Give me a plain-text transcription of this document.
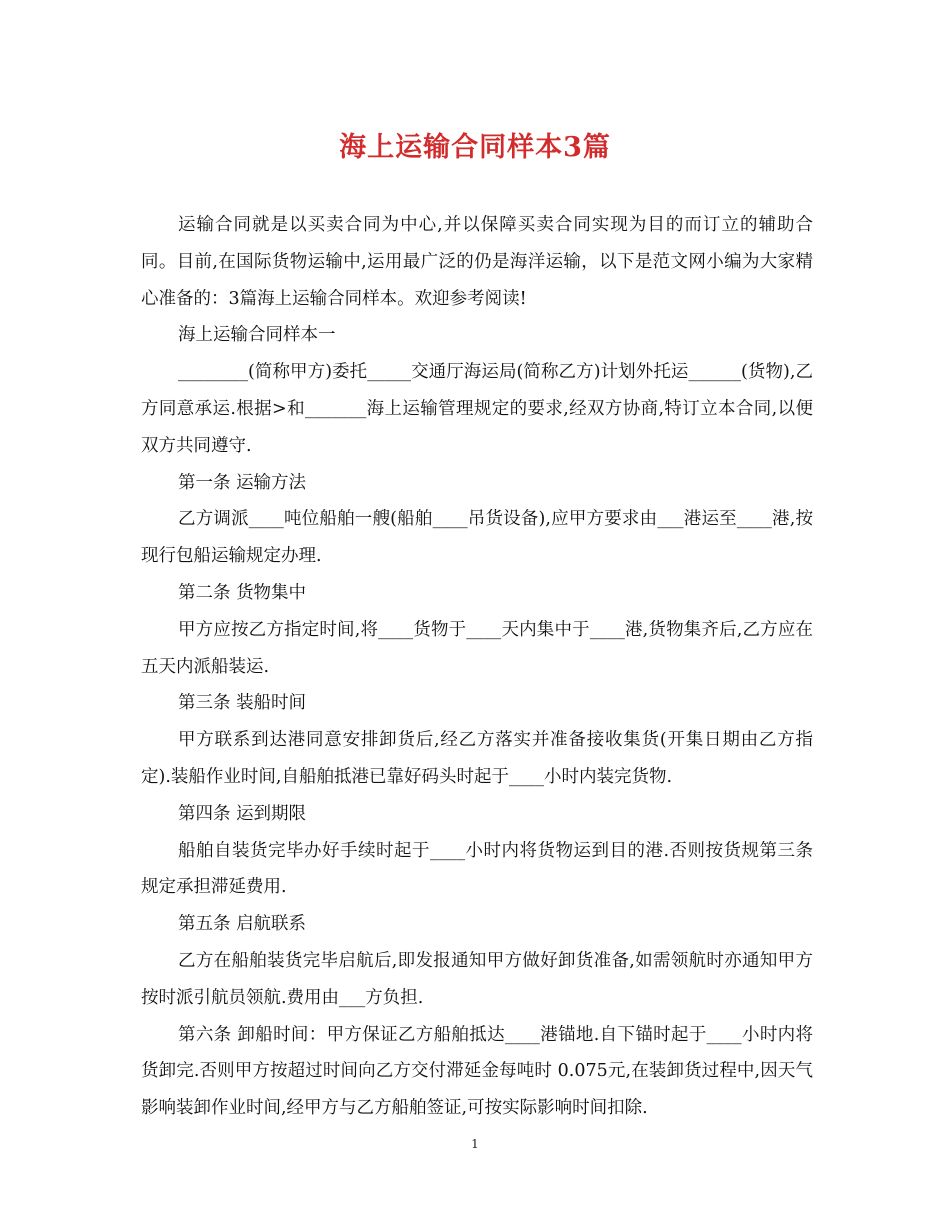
海上运输合同样本3篇

运输合同就是以买卖合同为中心,并以保障买卖合同实现为目的而订立的辅助合同。目前,在国际货物运输中,运用最广泛的仍是海洋运输，以下是范文网小编为大家精心准备的：3篇海上运输合同样本。欢迎参考阅读!

海上运输合同样本一

________(简称甲方)委托_____交通厅海运局(简称乙方)计划外托运______(货物),乙方同意承运.根据>和_______海上运输管理规定的要求,经双方协商,特订立本合同,以便双方共同遵守.

第一条 运输方法

乙方调派____吨位船舶一艘(船舶____吊货设备),应甲方要求由___港运至____港,按现行包船运输规定办理.

第二条 货物集中

甲方应按乙方指定时间,将____货物于____天内集中于____港,货物集齐后,乙方应在五天内派船装运.

第三条 装船时间

甲方联系到达港同意安排卸货后,经乙方落实并准备接收集货(开集日期由乙方指定).装船作业时间,自船舶抵港已靠好码头时起于____小时内装完货物.

第四条 运到期限

船舶自装货完毕办好手续时起于____小时内将货物运到目的港.否则按货规第三条规定承担滞延费用.

第五条 启航联系

乙方在船舶装货完毕启航后,即发报通知甲方做好卸货准备,如需领航时亦通知甲方按时派引航员领航.费用由___方负担.

第六条 卸船时间：甲方保证乙方船舶抵达____港锚地.自下锚时起于____小时内将货卸完.否则甲方按超过时间向乙方交付滞延金每吨时 0.075元,在装卸货过程中,因天气影响装卸作业时间,经甲方与乙方船舶签证,可按实际影响时间扣除.

1
